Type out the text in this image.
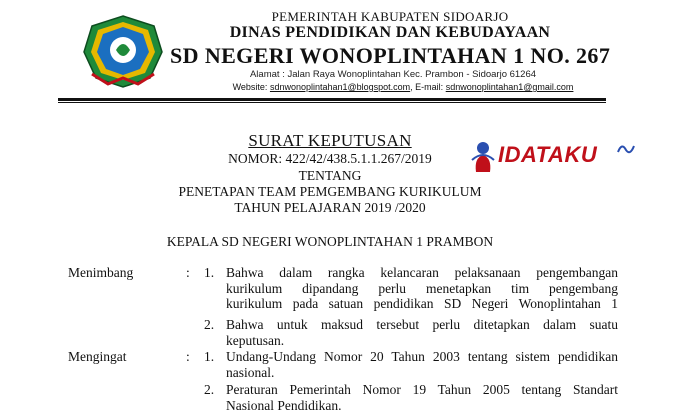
PEMERINTAH KABUPATEN SIDOARJO
DINAS PENDIDIKAN DAN KEBUDAYAAN
SD NEGERI WONOPLINTAHAN 1 NO. 267
Alamat : Jalan Raya Wonoplintahan Kec. Prambon - Sidoarjo 61264
Website: sdnwonoplintahan1@blogspot.com, E-mail: sdnwonoplintahan1@gmail.com
SURAT KEPUTUSAN
NOMOR: 422/42/438.5.1.1.267/2019
TENTANG
PENETAPAN TEAM PEMGEMBANG KURIKULUM
TAHUN PELAJARAN 2019 /2020
KEPALA SD NEGERI WONOPLINTAHAN 1 PRAMBON
IDATAKU
Menimbang	: 1. Bahwa dalam rangka kelancaran pelaksanaan pengembangan
kurikulum dipandang perlu menetapkan tim pengembang
kurikulum pada satuan pendidikan SD Negeri Wonoplintahan 1
2. Bahwa untuk maksud tersebut perlu ditetapkan dalam suatu
keputusan.
Mengingat	: 1. Undang-Undang Nomor 20 Tahun 2003 tentang sistem pendidikan
nasional.
2. Peraturan Pemerintah Nomor 19 Tahun 2005 tentang Standart
Nasional Pendidikan.
